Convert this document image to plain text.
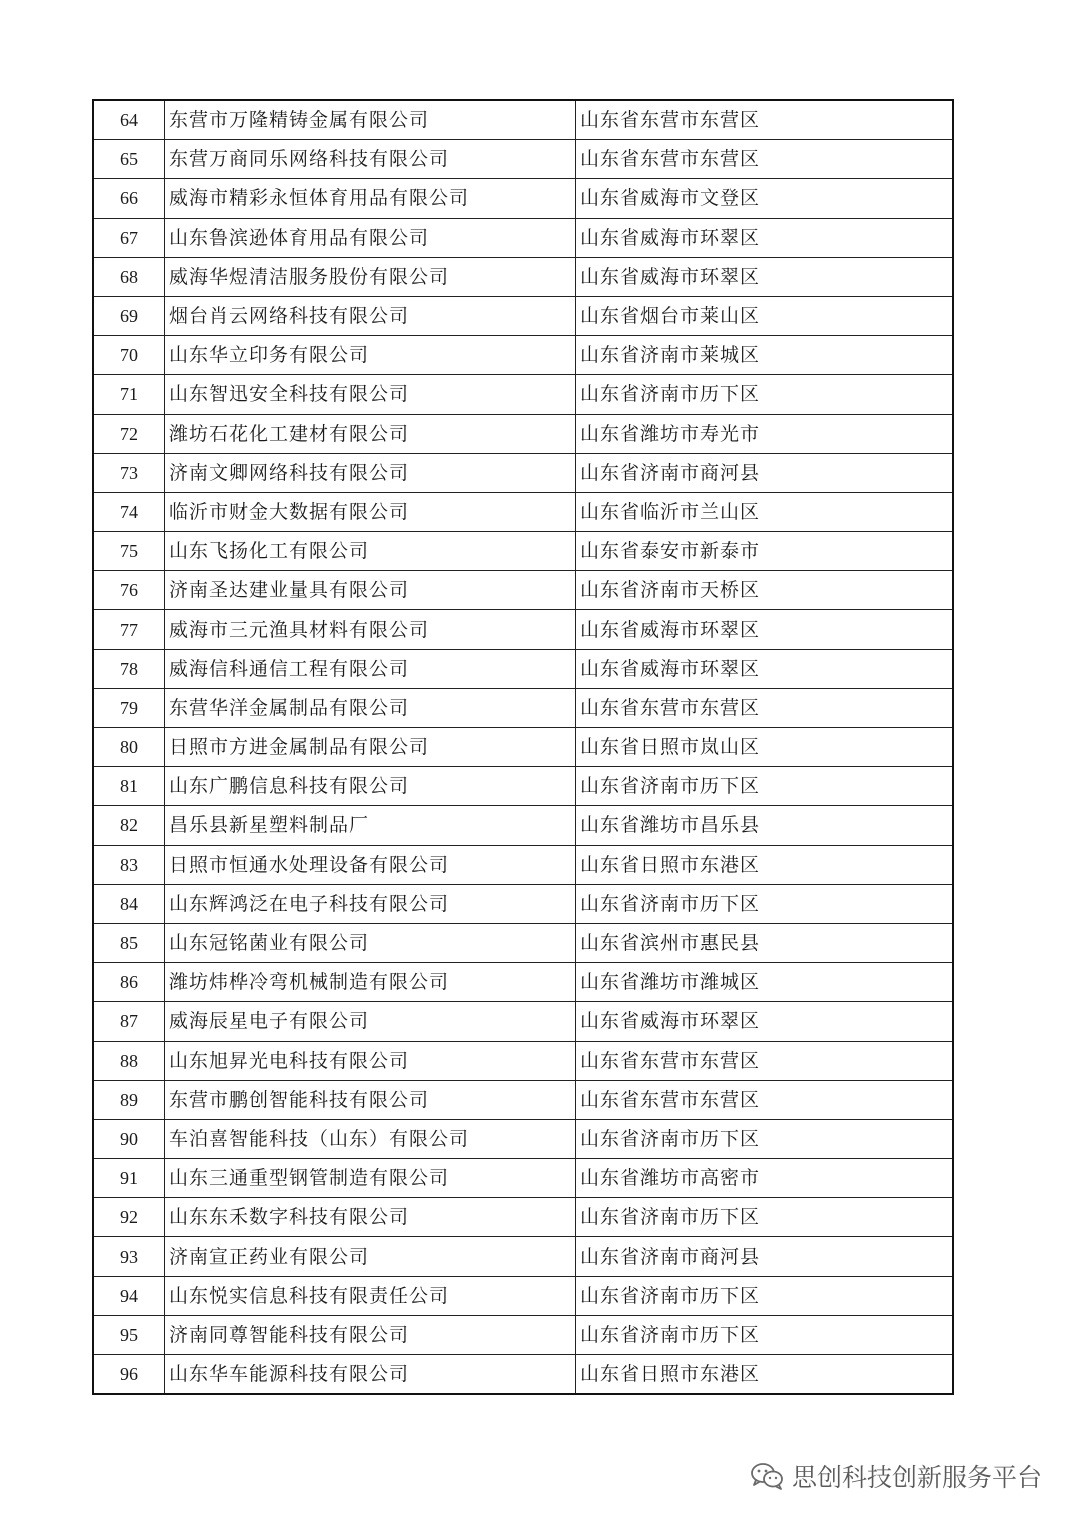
64	东营市万隆精铸金属有限公司	山东省东营市东营区
65	东营万商同乐网络科技有限公司	山东省东营市东营区
66	威海市精彩永恒体育用品有限公司	山东省威海市文登区
67	山东鲁滨逊体育用品有限公司	山东省威海市环翠区
68	威海华煜清洁服务股份有限公司	山东省威海市环翠区
69	烟台肖云网络科技有限公司	山东省烟台市莱山区
70	山东华立印务有限公司	山东省济南市莱城区
71	山东智迅安全科技有限公司	山东省济南市历下区
72	潍坊石花化工建材有限公司	山东省潍坊市寿光市
73	济南文卿网络科技有限公司	山东省济南市商河县
74	临沂市财金大数据有限公司	山东省临沂市兰山区
75	山东飞扬化工有限公司	山东省泰安市新泰市
76	济南圣达建业量具有限公司	山东省济南市天桥区
77	威海市三元渔具材料有限公司	山东省威海市环翠区
78	威海信科通信工程有限公司	山东省威海市环翠区
79	东营华洋金属制品有限公司	山东省东营市东营区
80	日照市方进金属制品有限公司	山东省日照市岚山区
81	山东广鹏信息科技有限公司	山东省济南市历下区
82	昌乐县新星塑料制品厂	山东省潍坊市昌乐县
83	日照市恒通水处理设备有限公司	山东省日照市东港区
84	山东辉鸿泛在电子科技有限公司	山东省济南市历下区
85	山东冠铭菌业有限公司	山东省滨州市惠民县
86	潍坊炜桦冷弯机械制造有限公司	山东省潍坊市潍城区
87	威海辰星电子有限公司	山东省威海市环翠区
88	山东旭昇光电科技有限公司	山东省东营市东营区
89	东营市鹏创智能科技有限公司	山东省东营市东营区
90	车泊喜智能科技（山东）有限公司	山东省济南市历下区
91	山东三通重型钢管制造有限公司	山东省潍坊市高密市
92	山东东禾数字科技有限公司	山东省济南市历下区
93	济南宣正药业有限公司	山东省济南市商河县
94	山东悦实信息科技有限责任公司	山东省济南市历下区
95	济南同尊智能科技有限公司	山东省济南市历下区
96	山东华车能源科技有限公司	山东省日照市东港区
思创科技创新服务平台
